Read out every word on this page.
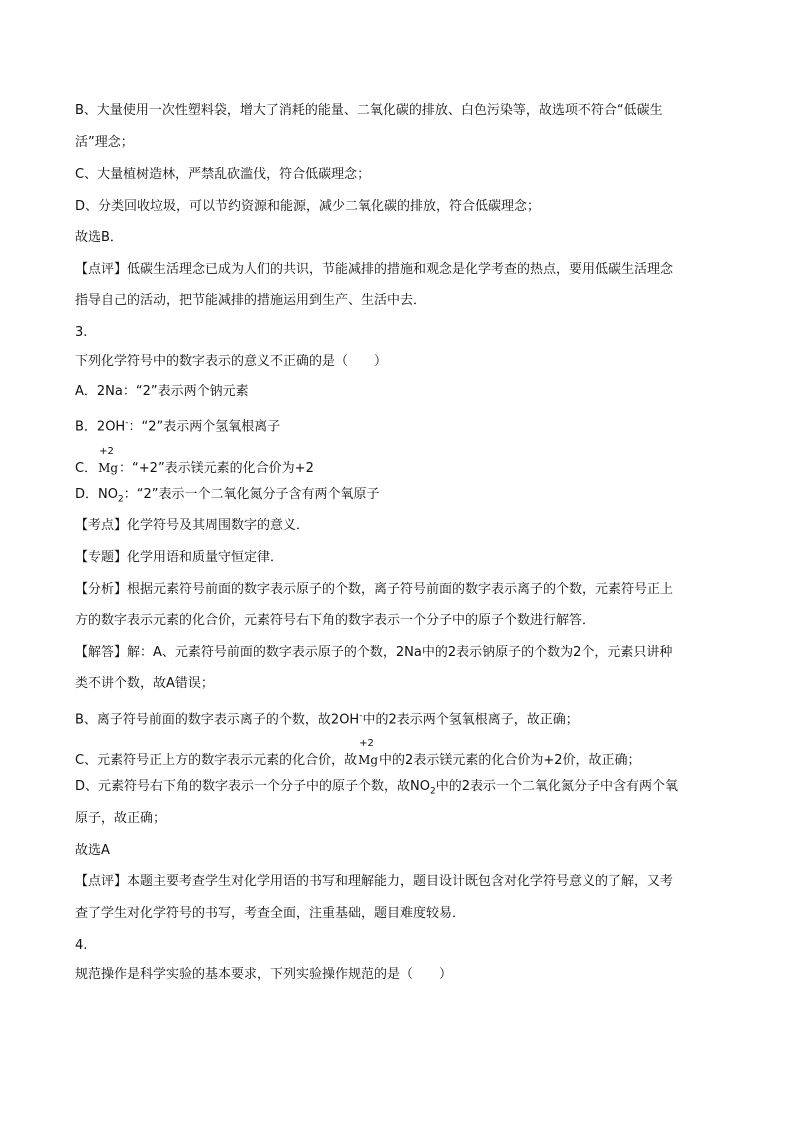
B、大量使用一次性塑料袋，增大了消耗的能量、二氧化碳的排放、白色污染等，故选项不符合“低碳生
活”理念；
C、大量植树造林，严禁乱砍滥伐，符合低碳理念；
D、分类回收垃圾，可以节约资源和能源，减少二氧化碳的排放，符合低碳理念；
故选B．
【点评】低碳生活理念已成为人们的共识，节能减排的措施和观念是化学考查的热点，要用低碳生活理念
指导自己的活动，把节能减排的措施运用到生产、生活中去．
3.
下列化学符号中的数字表示的意义不正确的是（　　）
A．2Na：“2”表示两个钠元素
B．2OH-：“2”表示两个氢氧根离子
C．
+2
Mg：“+2”表示镁元素的化合价为+2
D．$NO_2$：“2”表示一个二氧化氮分子含有两个氧原子
【考点】化学符号及其周围数字的意义．
【专题】化学用语和质量守恒定律．
【分析】根据元素符号前面的数字表示原子的个数，离子符号前面的数字表示离子的个数，元素符号正上
方的数字表示元素的化合价，元素符号右下角的数字表示一个分子中的原子个数进行解答．
【解答】解：A、元素符号前面的数字表示原子的个数，2Na中的2表示钠原子的个数为2个，元素只讲种
类不讲个数，故A错误；
B、离子符号前面的数字表示离子的个数，故2OH-中的2表示两个氢氧根离子，故正确；
C、元素符号正上方的数字表示元素的化合价，故
+2
Mg中的2表示镁元素的化合价为+2价，故正确；
D、元素符号右下角的数字表示一个分子中的原子个数，故$NO_2$中的2表示一个二氧化氮分子中含有两个氧
原子，故正确；
故选A
【点评】本题主要考查学生对化学用语的书写和理解能力，题目设计既包含对化学符号意义的了解，又考
查了学生对化学符号的书写，考查全面，注重基础，题目难度较易．
4.
规范操作是科学实验的基本要求，下列实验操作规范的是（　　）
